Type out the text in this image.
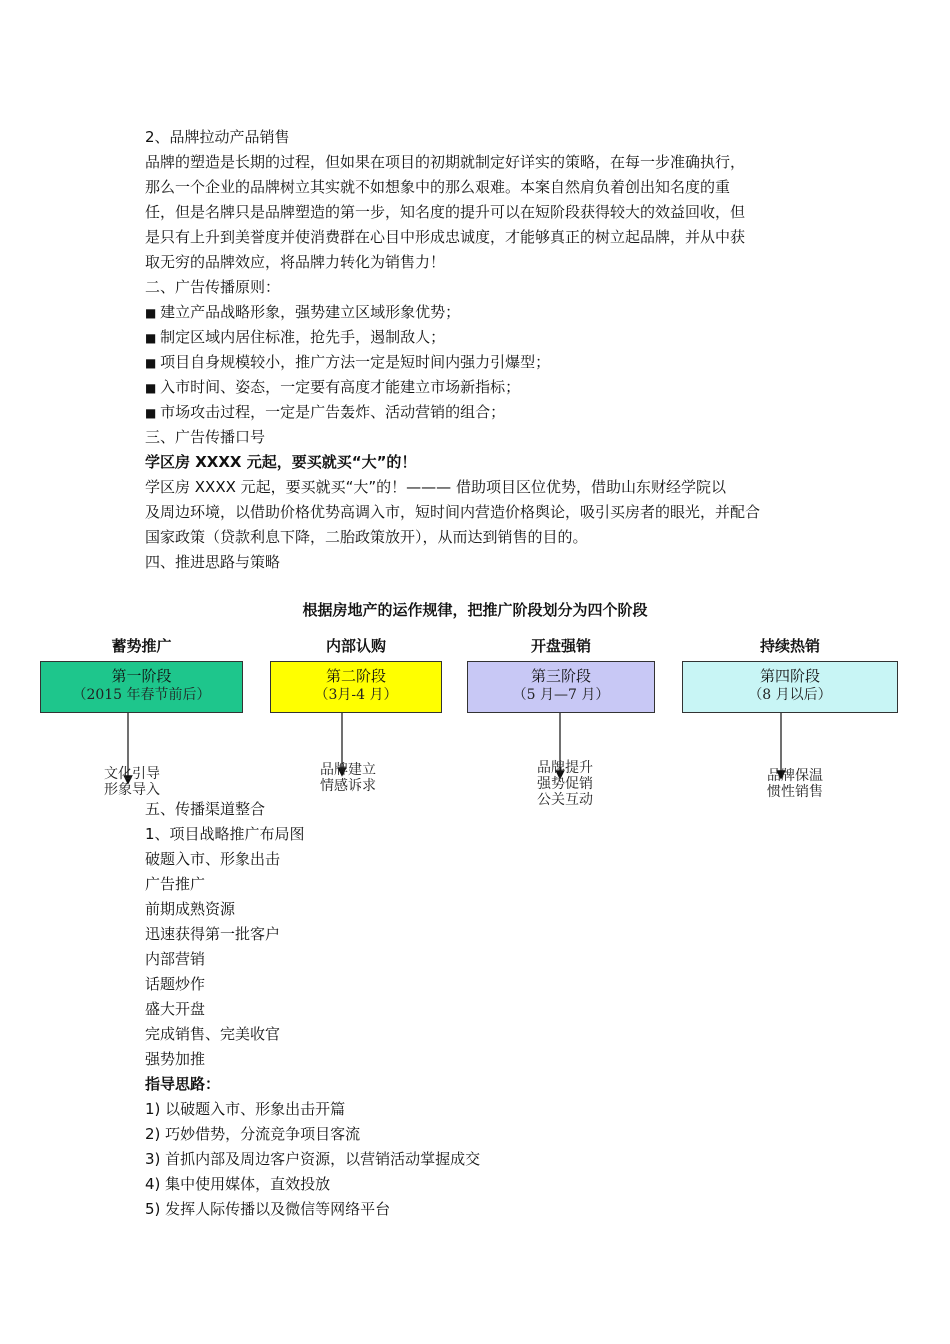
2、品牌拉动产品销售
品牌的塑造是长期的过程，但如果在项目的初期就制定好详实的策略，在每一步准确执行，
那么一个企业的品牌树立其实就不如想象中的那么艰难。本案自然肩负着创出知名度的重
任，但是名牌只是品牌塑造的第一步，知名度的提升可以在短阶段获得较大的效益回收，但
是只有上升到美誉度并使消费群在心目中形成忠诚度，才能够真正的树立起品牌，并从中获
取无穷的品牌效应，将品牌力转化为销售力！
二、广告传播原则：
■ 建立产品战略形象，强势建立区域形象优势；
■ 制定区域内居住标准，抢先手，遏制敌人；
■ 项目自身规模较小，推广方法一定是短时间内强力引爆型；
■ 入市时间、姿态，一定要有高度才能建立市场新指标；
■ 市场攻击过程，一定是广告轰炸、活动营销的组合；
三、广告传播口号
学区房 XXXX 元起，要买就买“大”的！
学区房 XXXX 元起，要买就买“大”的！——— 借助项目区位优势，借助山东财经学院以
及周边环境，以借助价格优势高调入市，短时间内营造价格舆论，吸引买房者的眼光，并配合
国家政策（贷款利息下降，二胎政策放开），从而达到销售的目的。
四、推进思路与策略
根据房地产的运作规律，把推广阶段划分为四个阶段
蓄势推广	内部认购	开盘强销	持续热销
第一阶段
（2015 年春节前后）
第二阶段
（3月-4 月）
第三阶段
（5 月—7 月）
第四阶段
（8 月以后）
文化引导
形象导入
品牌建立
情感诉求
品牌提升
强势促销
公关互动
品牌保温
惯性销售
五、传播渠道整合
1、项目战略推广布局图
破题入市、形象出击
广告推广
前期成熟资源
迅速获得第一批客户
内部营销
话题炒作
盛大开盘
完成销售、完美收官
强势加推
指导思路：
1) 以破题入市、形象出击开篇
2) 巧妙借势，分流竞争项目客流
3) 首抓内部及周边客户资源，以营销活动掌握成交
4) 集中使用媒体，直效投放
5) 发挥人际传播以及微信等网络平台
